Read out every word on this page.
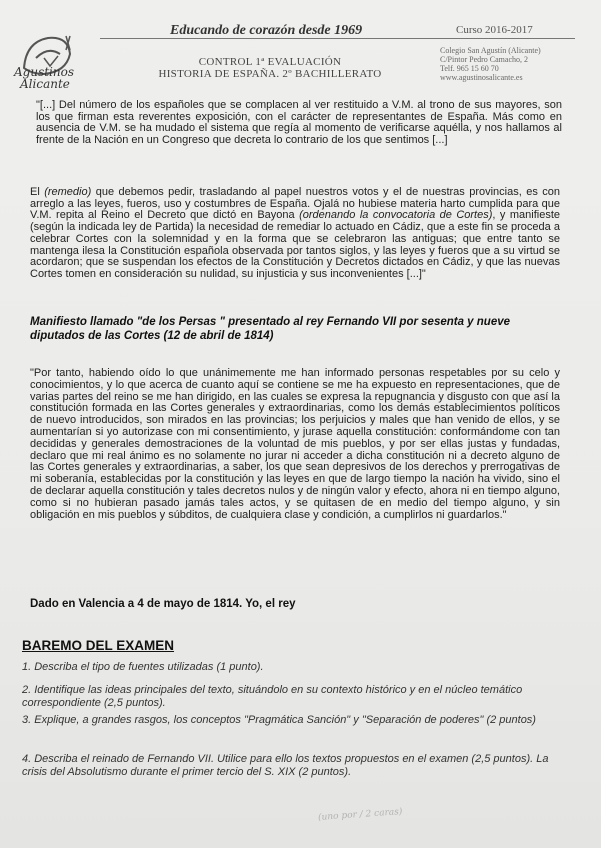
Agustinos
Alicante
Educando de corazón desde 1969	Curso 2016-2017
CONTROL 1ª EVALUACIÓN
HISTORIA DE ESPAÑA. 2º BACHILLERATO
Colegio San Agustín (Alicante)
C/Pintor Pedro Camacho, 2
Telf. 965 15 60 70
www.agustinosalicante.es
"[...] Del número de los españoles que se complacen al ver restituido a V.M. al trono de sus mayores, son los que firman esta reverentes exposición, con el carácter de representantes de España. Más como en ausencia de V.M. se ha mudado el sistema que regía al momento de verificarse aquélla, y nos hallamos al frente de la Nación en un Congreso que decreta lo contrario de los que sentimos [...]
El (remedio) que debemos pedir, trasladando al papel nuestros votos y el de nuestras provincias, es con arreglo a las leyes, fueros, uso y costumbres de España. Ojalá no hubiese materia harto cumplida para que V.M. repita al Reino el Decreto que dictó en Bayona (ordenando la convocatoria de Cortes), y manifieste (según la indicada ley de Partida) la necesidad de remediar lo actuado en Cádiz, que a este fin se proceda a celebrar Cortes con la solemnidad y en la forma que se celebraron las antiguas; que entre tanto se mantenga ilesa la Constitución española observada por tantos siglos, y las leyes y fueros que a su virtud se acordaron; que se suspendan los efectos de la Constitución y Decretos dictados en Cádiz, y que las nuevas Cortes tomen en consideración su nulidad, su injusticia y sus inconvenientes [...]"
Manifiesto llamado "de los Persas " presentado al rey Fernando VII por sesenta y nueve diputados de las Cortes (12 de abril de 1814)
"Por tanto, habiendo oído lo que unánimemente me han informado personas respetables por su celo y conocimientos, y lo que acerca de cuanto aquí se contiene se me ha expuesto en representaciones, que de varias partes del reino se me han dirigido, en las cuales se expresa la repugnancia y disgusto con que así la constitución formada en las Cortes generales y extraordinarias, como los demás establecimientos políticos de nuevo introducidos, son mirados en las provincias; los perjuicios y males que han venido de ellos, y se aumentarían si yo autorizase con mi consentimiento, y jurase aquella constitución: conformándome con tan decididas y generales demostraciones de la voluntad de mis pueblos, y por ser ellas justas y fundadas, declaro que mi real ánimo es no solamente no jurar ni acceder a dicha constitución ni a decreto alguno de las Cortes generales y extraordinarias, a saber, los que sean depresivos de los derechos y prerrogativas de mi soberanía, establecidas por la constitución y las leyes en que de largo tiempo la nación ha vivido, sino el de declarar aquella constitución y tales decretos nulos y de ningún valor y efecto, ahora ni en tiempo alguno, como si no hubieran pasado jamás tales actos, y se quitasen de en medio del tiempo alguno, y sin obligación en mis pueblos y súbditos, de cualquiera clase y condición, a cumplirlos ni guardarlos."
Dado en Valencia a 4 de mayo de 1814. Yo, el rey
BAREMO DEL EXAMEN
1. Describa el tipo de fuentes utilizadas (1 punto).
2. Identifique las ideas principales del texto, situándolo en su contexto histórico y en el núcleo temático correspondiente (2,5 puntos).
3. Explique, a grandes rasgos, los conceptos "Pragmática Sanción" y "Separación de poderes" (2 puntos)
4. Describa el reinado de Fernando VII. Utilice para ello los textos propuestos en el examen (2,5 puntos). La crisis del Absolutismo durante el primer tercio del S. XIX (2 puntos).
(uno por / 2 caras)
